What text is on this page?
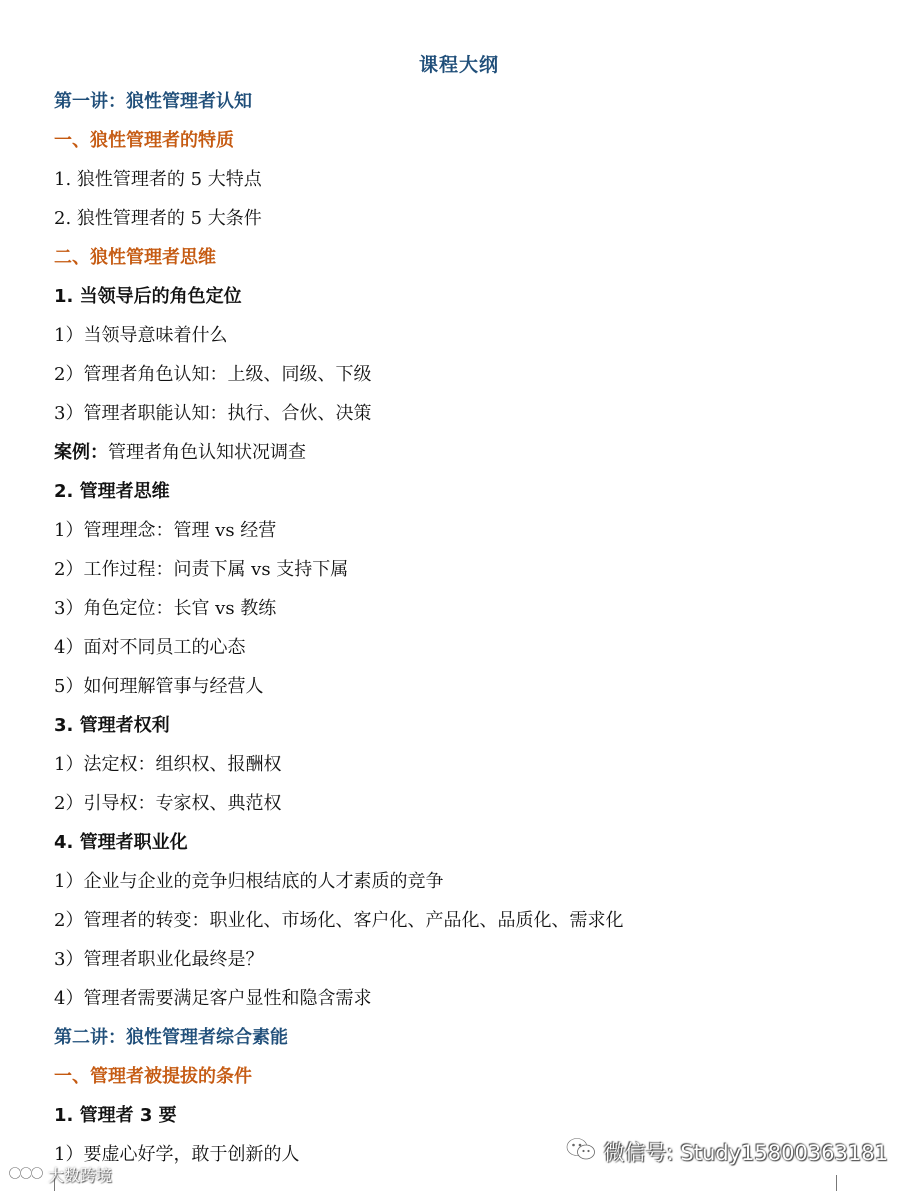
课程大纲
第一讲：狼性管理者认知
一、狼性管理者的特质
1. 狼性管理者的 5 大特点
2. 狼性管理者的 5 大条件
二、狼性管理者思维
1. 当领导后的角色定位
1）当领导意味着什么
2）管理者角色认知：上级、同级、下级
3）管理者职能认知：执行、合伙、决策
案例：管理者角色认知状况调查
2. 管理者思维
1）管理理念：管理 vs 经营
2）工作过程：问责下属 vs 支持下属
3）角色定位：长官 vs 教练
4）面对不同员工的心态
5）如何理解管事与经营人
3. 管理者权利
1）法定权：组织权、报酬权
2）引导权：专家权、典范权
4. 管理者职业化
1）企业与企业的竞争归根结底的人才素质的竞争
2）管理者的转变：职业化、市场化、客户化、产品化、品质化、需求化
3）管理者职业化最终是？
4）管理者需要满足客户显性和隐含需求
第二讲：狼性管理者综合素能
一、管理者被提拔的条件
1. 管理者 3 要
1）要虚心好学，敢于创新的人	微信号: Study15800363181
大数跨境
